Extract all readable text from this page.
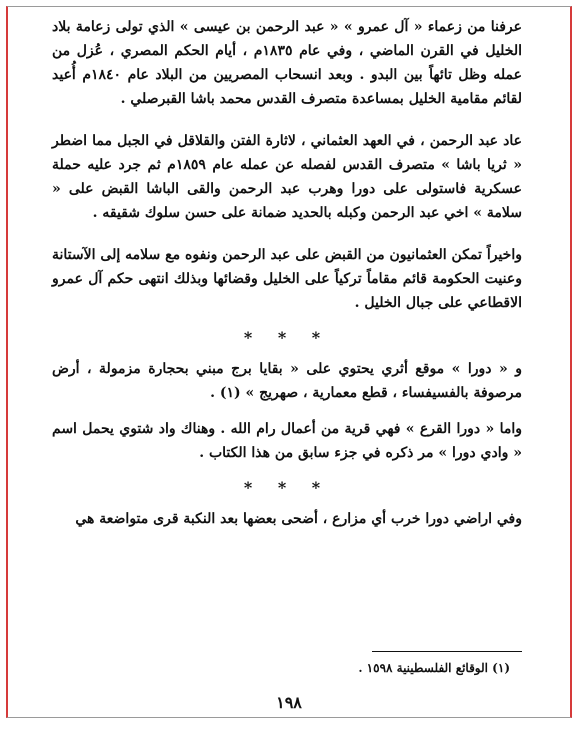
عرفنا من زعماء « آل عمرو » « عبد الرحمن بن عيسى » الذي تولى زعامة بلاد الخليل في القرن الماضي ، وفي عام ١٨٣٥م ، أيام الحكم المصري ، عُزل من عمله وظل تائهاً بين البدو . وبعد انسحاب المصريين من البلاد عام ١٨٤٠م أُعيد لقائم مقامية الخليل بمساعدة متصرف القدس محمد باشا القبرصلي .

عاد عبد الرحمن ، في العهد العثماني ، لاثارة الفتن والقلاقل في الجبل مما اضطر « ثريا باشا » متصرف القدس لفصله عن عمله عام ١٨٥٩م ثم جرد عليه حملة عسكرية فاستولى على دورا وهرب عبد الرحمن والقى الباشا القبض على « سلامة » اخي عبد الرحمن وكبله بالحديد ضمانة على حسن سلوك شقيقه .

واخيراً تمكن العثمانيون من القبض على عبد الرحمن ونفوه مع سلامه إلى الآستانة وعنيت الحكومة قائم مقاماً تركياً على الخليل وقضائها وبذلك انتهى حكم آل عمرو الاقطاعي على جبال الخليل .

* * *

و « دورا » موقع أثري يحتوي على « بقايا برج مبني بحجارة مزمولة ، أرض مرصوفة بالفسيفساء ، قطع معمارية ، صهريج » (١) .

واما « دورا القرع » فهي قرية من أعمال رام الله . وهناك واد شتوي يحمل اسم « وادي دورا » مر ذكره في جزء سابق من هذا الكتاب .

* * *

وفي اراضي دورا خرب أي مزارع ، أضحى بعضها بعد النكبة قرى متواضعة هي

(١) الوقائع الفلسطينية ١٥٩٨ .
١٩٨
